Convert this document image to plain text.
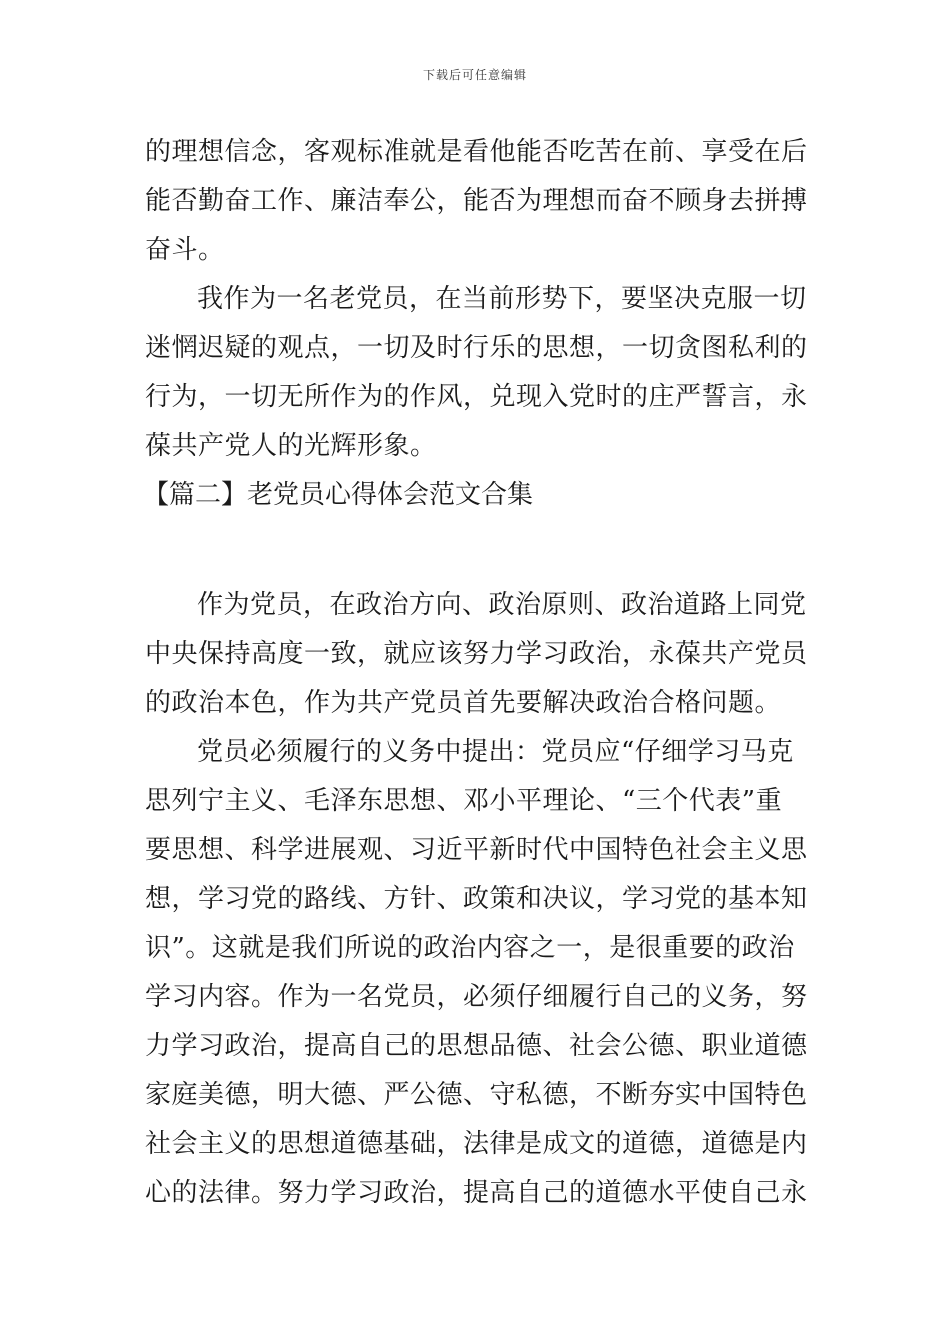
下载后可任意编辑
的理想信念，客观标准就是看他能否吃苦在前、享受在后
能否勤奋工作、廉洁奉公，能否为理想而奋不顾身去拼搏
奋斗。
我作为一名老党员，在当前形势下，要坚决克服一切
迷惘迟疑的观点，一切及时行乐的思想，一切贪图私利的
行为，一切无所作为的作风，兑现入党时的庄严誓言，永
葆共产党人的光辉形象。
【篇二】老党员心得体会范文合集
作为党员，在政治方向、政治原则、政治道路上同党
中央保持高度一致，就应该努力学习政治，永葆共产党员
的政治本色，作为共产党员首先要解决政治合格问题。
党员必须履行的义务中提出：党员应“仔细学习马克
思列宁主义、毛泽东思想、邓小平理论、“三个代表”重
要思想、科学进展观、习近平新时代中国特色社会主义思
想，学习党的路线、方针、政策和决议，学习党的基本知
识”。这就是我们所说的政治内容之一，是很重要的政治
学习内容。作为一名党员，必须仔细履行自己的义务，努
力学习政治，提高自己的思想品德、社会公德、职业道德
家庭美德，明大德、严公德、守私德，不断夯实中国特色
社会主义的思想道德基础，法律是成文的道德，道德是内
心的法律。努力学习政治，提高自己的道德水平使自己永
